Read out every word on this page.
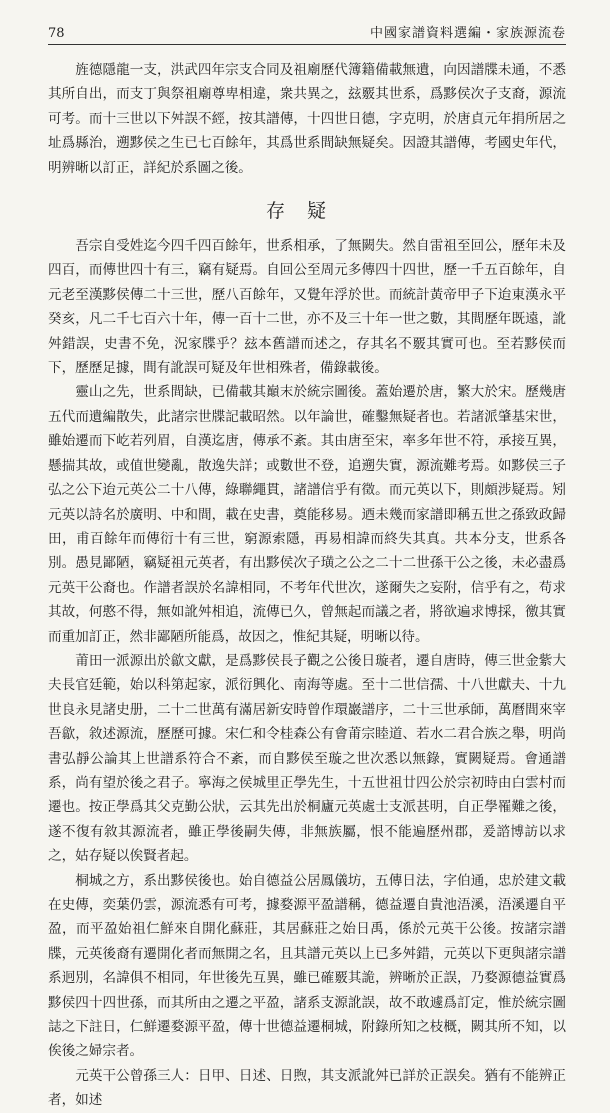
78	中國家譜資料選編・家族源流卷

旌德隱龍一支，洪武四年宗支合同及祖廟歷代簿籍備載無遺，向因譜牒未通，不悉其所自出，而支丁與祭祖廟尊卑相違，衆共異之，玆覈其世系，爲黟侯次子支裔，源流可考。而十三世以下舛誤不經，按其譜傳，十四世日德，字克明，於唐貞元年捐所居之址爲縣治，遡黟侯之生已七百餘年，其爲世系間缺無疑矣。因證其譜傳，考國史年代，明辨晰以訂正，詳紀於系圖之後。

存疑

吾宗自受姓迄今四千四百餘年，世系相承，了無闕失。然自雷祖至回公，歷年未及四百，而傳世四十有三，竊有疑焉。自回公至周元多傳四十四世，歷一千五百餘年，自元老至漢黟侯傳二十三世，歷八百餘年，又覺年浮於世。而統計黃帝甲子下迨東漢永平癸亥，凡二千七百六十年，傳一百十二世，亦不及三十年一世之數，其間歷年既遠，訛舛錯誤，史書不免，況家牒乎？玆本舊譜而述之，存其名不覈其實可也。至若黟侯而下，歷歷足據，間有訛誤可疑及年世相殊者，備錄載後。

靈山之先，世系間缺，已備載其巔末於統宗圖後。蓋始遷於唐，繁大於宋。歷幾唐五代而遺編散失，此諸宗世牒記載昭然。以年論世，確鑿無疑者也。若諸派肇基宋世，雖始遷而下屹若列眉，自漢迄唐，傳承不紊。其由唐至宋，率多年世不符，承接互異，懸揣其故，或值世變亂，散逸失詳；或數世不登，追遡失實，源流難考焉。如黟侯三子弘之公下迨元英公二十八傳，綠聯繩貫，諸譜信乎有徵。而元英以下，則頗涉疑焉。矧元英以詩名於廣明、中和間，載在史書，奠能移易。迺未幾而家譜即稱五世之孫致政歸田，甫百餘年而傳衍十有三世，窮源索隱，再易相諱而終失其真。共本分支，世系各別。愚見鄙陋，竊疑祖元英者，有出黟侯次子璜之公之二十二世孫干公之後，未必盡爲元英干公裔也。作譜者誤於名諱相同，不考年代世次，遂爾失之妄附，信乎有之，苟求其故，何憨不得，無如訛舛相追，流傳已久，曾無起而議之者，將欲遍求博採，徼其實而重加訂正，然非鄙陋所能爲，故因之，惟紀其疑，明晰以待。

莆田一派源出於歙文獻，是爲黟侯長子觀之公後日璇者，遷自唐時，傳三世金紫大夫長官廷範，始以科第起家，派衍興化、南海等處。至十二世信孺、十八世獻夫、十九世良永見諸史册，二十二世萬有滿居新安時曾作環巖譜序，二十三世承師，萬曆間來宰吾歙，敘述源流，歷歷可據。宋仁和令桂森公有會莆宗睦道、若水二君合族之舉，明尚書弘靜公論其上世譜系符合不紊，而自黟侯至璇之世次悉以無錄，實闕疑焉。會通譜系，尚有望於後之君子。寧海之侯城里正學先生，十五世祖廿四公於宗初時由白雲村而遷也。按正學爲其父克勤公狀，云其先出於桐廬元英處士支派甚明，自正學罹難之後，遂不復有敘其源流者，雖正學後嗣失傳，非無族屬，恨不能遍歷州郡，爰諮博訪以求之，姑存疑以俟賢者起。

桐城之方，系出黟侯後也。始自德益公居鳳儀坊，五傳日法，字伯通，忠於建文載在史傳，奕葉仍雲，源流悉有可考，據婺源平盈譜稱，德益遷自貴池浯溪，浯溪遷自平盈，而平盈始祖仁鮮來自開化蘇莊，其居蘇莊之始日禹，係於元英干公後。按諸宗譜牒，元英後裔有遷開化者而無開之名，且其譜元英以上已多舛錯，元英以下更與諸宗譜系迥別，名諱俱不相同，年世後先互異，雖已確覈其詭，辨晰於正誤，乃婺源德益實爲黟侯四十四世孫，而其所由之遷之平盈，諸系支源訛誤，故不敢遽爲訂定，惟於統宗圖誌之下註日，仁鮮遷婺源平盈，傳十世德益遷桐城，附錄所知之枝概，闕其所不知，以俟後之婦宗者。

元英干公曾孫三人：日甲、日述、日煦，其支派訛舛已詳於正誤矣。猶有不能辨正者，如述
